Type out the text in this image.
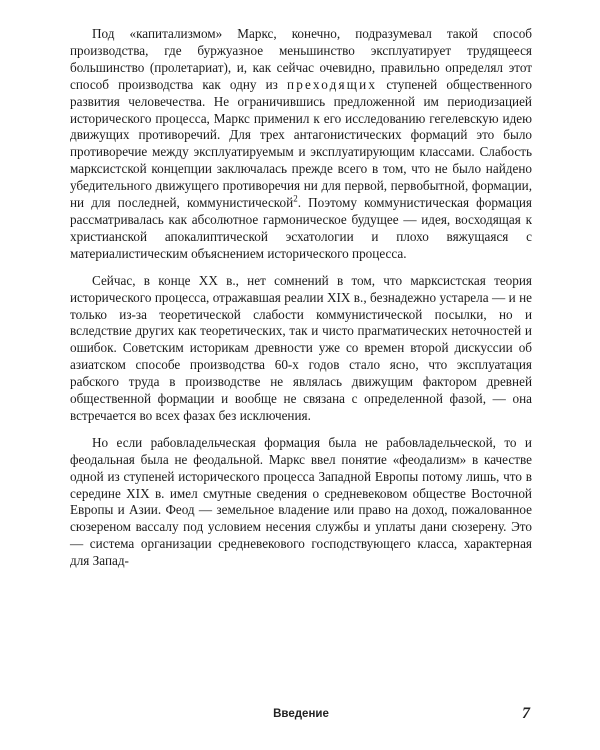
Под «капитализмом» Маркс, конечно, подразумевал такой способ производства, где буржуазное меньшинство эксплуатирует трудящееся большинство (пролетариат), и, как сейчас очевидно, правильно определял этот способ производства как одну из преходящих ступеней общественного развития человечества. Не ограничившись предложенной им периодизацией исторического процесса, Маркс применил к его исследованию гегелевскую идею движущих противоречий. Для трех антагонистических формаций это было противоречие между эксплуатируемым и эксплуатирующим классами. Слабость марксистской концепции заключалась прежде всего в том, что не было найдено убедительного движущего противоречия ни для первой, первобытной, формации, ни для последней, коммунистической$^2$. Поэтому коммунистическая формация рассматривалась как абсолютное гармоническое будущее — идея, восходящая к христианской апокалиптической эсхатологии и плохо вяжущаяся с материалистическим объяснением исторического процесса.

Сейчас, в конце XX в., нет сомнений в том, что марксистская теория исторического процесса, отражавшая реалии XIX в., безнадежно устарела — и не только из-за теоретической слабости коммунистической посылки, но и вследствие других как теоретических, так и чисто прагматических неточностей и ошибок. Советским историкам древности уже со времен второй дискуссии об азиатском способе производства 60-х годов стало ясно, что эксплуатация рабского труда в производстве не являлась движущим фактором древней общественной формации и вообще не связана с определенной фазой, — она встречается во всех фазах без исключения.

Но если рабовладельческая формация была не рабовладельческой, то и феодальная была не феодальной. Маркс ввел понятие «феодализм» в качестве одной из ступеней исторического процесса Западной Европы потому лишь, что в середине XIX в. имел смутные сведения о средневековом обществе Восточной Европы и Азии. Феод — земельное владение или право на доход, пожалованное сюзереном вассалу под условием несения службы и уплаты дани сюзерену. Это — система организации средневекового господствующего класса, характерная для Запад-

Введение	7
